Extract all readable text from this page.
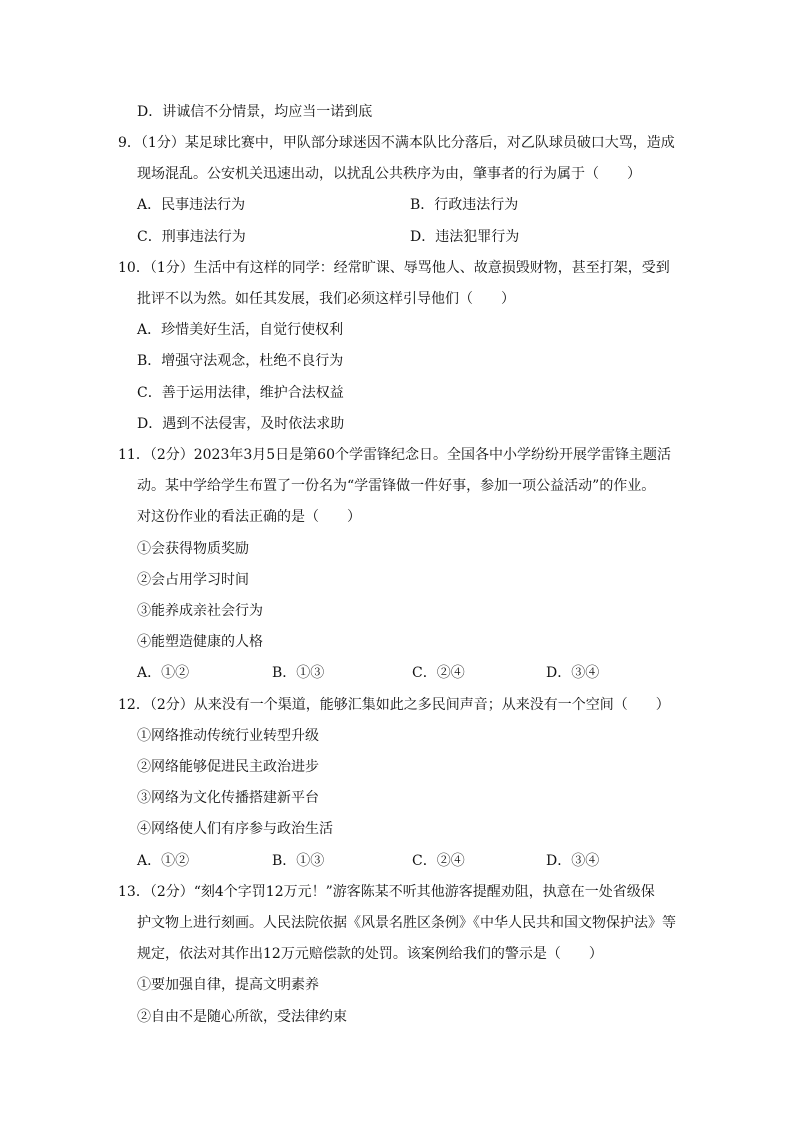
D．讲诚信不分情景，均应当一诺到底
9．（1分）某足球比赛中，甲队部分球迷因不满本队比分落后，对乙队球员破口大骂，造成
现场混乱。公安机关迅速出动，以扰乱公共秩序为由，肇事者的行为属于（　　）
A．民事违法行为	B．行政违法行为
C．刑事违法行为	D．违法犯罪行为
10．（1分）生活中有这样的同学：经常旷课、辱骂他人、故意损毁财物，甚至打架，受到
批评不以为然。如任其发展，我们必须这样引导他们（　　）
A．珍惜美好生活，自觉行使权利
B．增强守法观念，杜绝不良行为
C．善于运用法律，维护合法权益
D．遇到不法侵害，及时依法求助
11．（2分）2023年3月5日是第60个学雷锋纪念日。全国各中小学纷纷开展学雷锋主题活
动。某中学给学生布置了一份名为“学雷锋做一件好事，参加一项公益活动”的作业。
对这份作业的看法正确的是（　　）
①会获得物质奖励
②会占用学习时间
③能养成亲社会行为
④能塑造健康的人格
A．①②	B．①③	C．②④	D．③④
12．（2分）从来没有一个渠道，能够汇集如此之多民间声音；从来没有一个空间（　　）
①网络推动传统行业转型升级
②网络能够促进民主政治进步
③网络为文化传播搭建新平台
④网络使人们有序参与政治生活
A．①②	B．①③	C．②④	D．③④
13．（2分）“刻4个字罚12万元！”游客陈某不听其他游客提醒劝阻，执意在一处省级保
护文物上进行刻画。人民法院依据《风景名胜区条例》《中华人民共和国文物保护法》等
规定，依法对其作出12万元赔偿款的处罚。该案例给我们的警示是（　　）
①要加强自律，提高文明素养
②自由不是随心所欲，受法律约束
